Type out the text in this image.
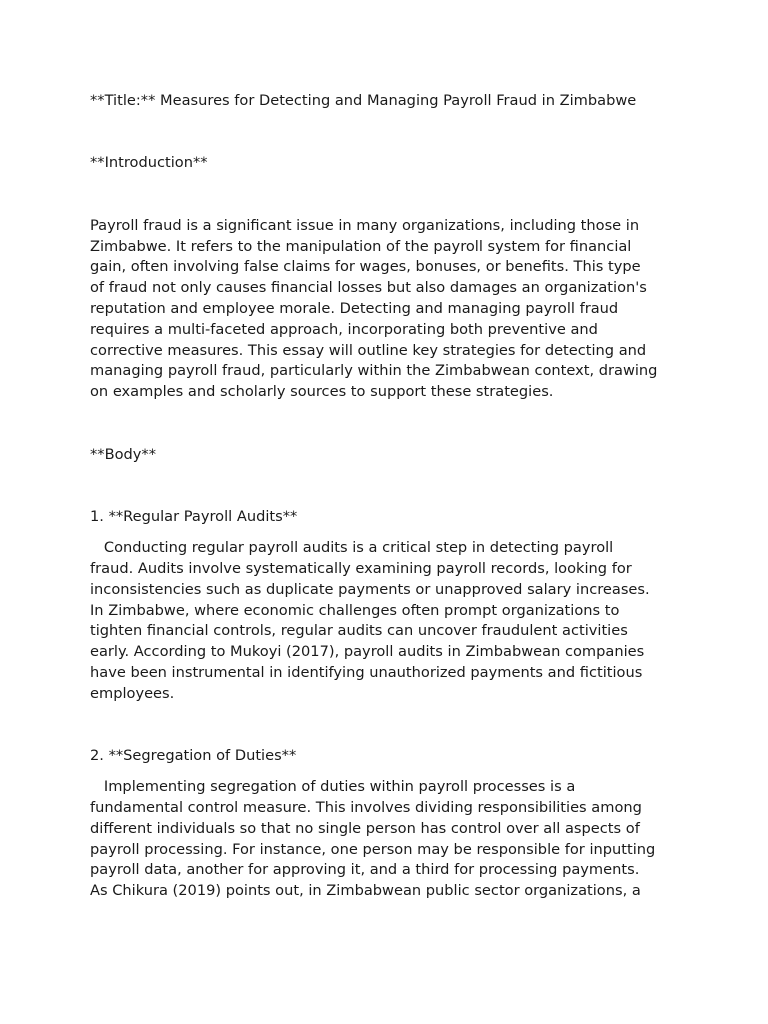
**Title:** Measures for Detecting and Managing Payroll Fraud in Zimbabwe
**Introduction**
Payroll fraud is a significant issue in many organizations, including those in
Zimbabwe. It refers to the manipulation of the payroll system for financial
gain, often involving false claims for wages, bonuses, or benefits. This type
of fraud not only causes financial losses but also damages an organization's
reputation and employee morale. Detecting and managing payroll fraud
requires a multi-faceted approach, incorporating both preventive and
corrective measures. This essay will outline key strategies for detecting and
managing payroll fraud, particularly within the Zimbabwean context, drawing
on examples and scholarly sources to support these strategies.
**Body**
1. **Regular Payroll Audits**
Conducting regular payroll audits is a critical step in detecting payroll
fraud. Audits involve systematically examining payroll records, looking for
inconsistencies such as duplicate payments or unapproved salary increases.
In Zimbabwe, where economic challenges often prompt organizations to
tighten financial controls, regular audits can uncover fraudulent activities
early. According to Mukoyi (2017), payroll audits in Zimbabwean companies
have been instrumental in identifying unauthorized payments and fictitious
employees.
2. **Segregation of Duties**
Implementing segregation of duties within payroll processes is a
fundamental control measure. This involves dividing responsibilities among
different individuals so that no single person has control over all aspects of
payroll processing. For instance, one person may be responsible for inputting
payroll data, another for approving it, and a third for processing payments.
As Chikura (2019) points out, in Zimbabwean public sector organizations, a
